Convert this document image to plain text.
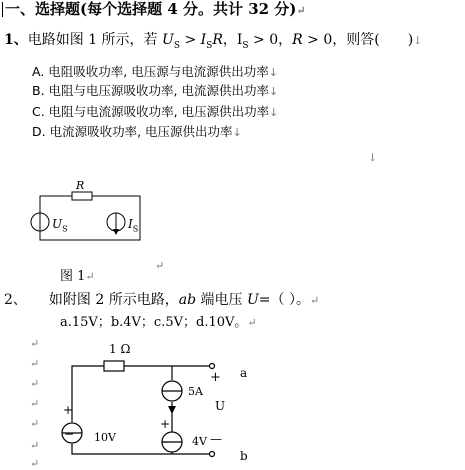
一、选择题(每个选择题 4 分。共计 32 分)↵
1、电路如图 1 所示，若 $U_S > I_SR$，$I_S > 0$，R > 0，则答( )↓
A. 电阻吸收功率, 电压源与电流源供出功率↓
B. 电阻与电压源吸收功率, 电流源供出功率↓
C. 电阻与电流源吸收功率, 电压源供出功率↓
D. 电流源吸收功率, 电压源供出功率↓
↓
R
$U_S$	$I_S$
↵
图 1↵
2、 如附图 2 所示电路，ab 端电压 U=（ ）。↵
a.15V；b.4V；c.5V；d.10V。↵
↵
↵
↵
↵
↵
↵
↵
1 Ω
5A
10V	4V
+
−
+
−
+
U
—
a
b
